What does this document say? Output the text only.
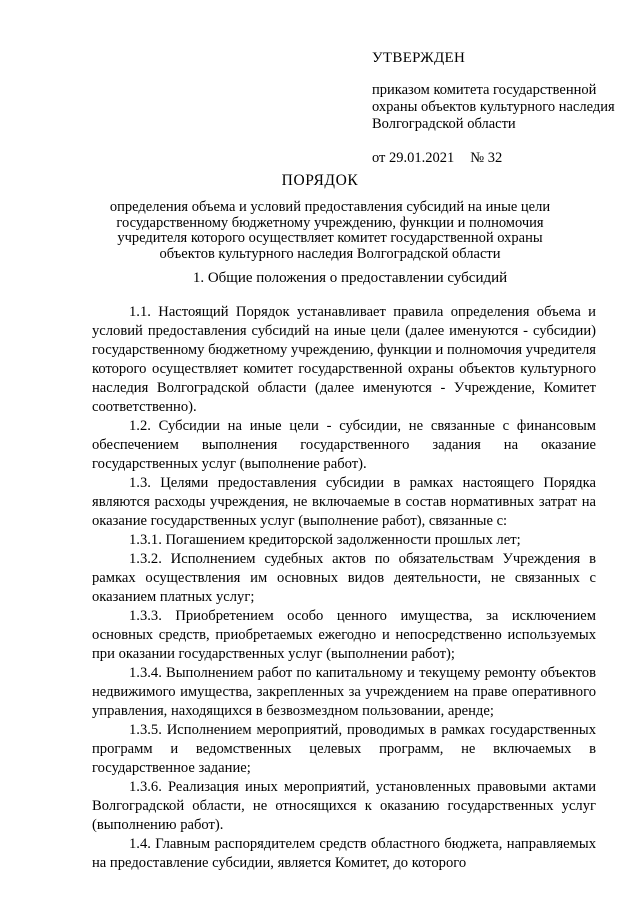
УТВЕРЖДЕН
приказом комитета государственной охраны объектов культурного наследия Волгоградской области
от 29.01.2021 № 32
ПОРЯДОК
определения объема и условий предоставления субсидий на иные цели государственному бюджетному учреждению, функции и полномочия учредителя которого осуществляет комитет государственной охраны объектов культурного наследия Волгоградской области
1. Общие положения о предоставлении субсидий

1.1. Настоящий Порядок устанавливает правила определения объема и условий предоставления субсидий на иные цели (далее именуются - субсидии) государственному бюджетному учреждению, функции и полномочия учредителя которого осуществляет комитет государственной охраны объектов культурного наследия Волгоградской области (далее именуются - Учреждение, Комитет соответственно).

1.2. Субсидии на иные цели - субсидии, не связанные с финансовым обеспечением выполнения государственного задания на оказание государственных услуг (выполнение работ).

1.3. Целями предоставления субсидии в рамках настоящего Порядка являются расходы учреждения, не включаемые в состав нормативных затрат на оказание государственных услуг (выполнение работ), связанные с:

1.3.1. Погашением кредиторской задолженности прошлых лет;

1.3.2. Исполнением судебных актов по обязательствам Учреждения в рамках осуществления им основных видов деятельности, не связанных с оказанием платных услуг;

1.3.3. Приобретением особо ценного имущества, за исключением основных средств, приобретаемых ежегодно и непосредственно используемых при оказании государственных услуг (выполнении работ);

1.3.4. Выполнением работ по капитальному и текущему ремонту объектов недвижимого имущества, закрепленных за учреждением на праве оперативного управления, находящихся в безвозмездном пользовании, аренде;

1.3.5. Исполнением мероприятий, проводимых в рамках государственных программ и ведомственных целевых программ, не включаемых в государственное задание;

1.3.6. Реализация иных мероприятий, установленных правовыми актами Волгоградской области, не относящихся к оказанию государственных услуг (выполнению работ).

1.4. Главным распорядителем средств областного бюджета, направляемых на предоставление субсидии, является Комитет, до которого
